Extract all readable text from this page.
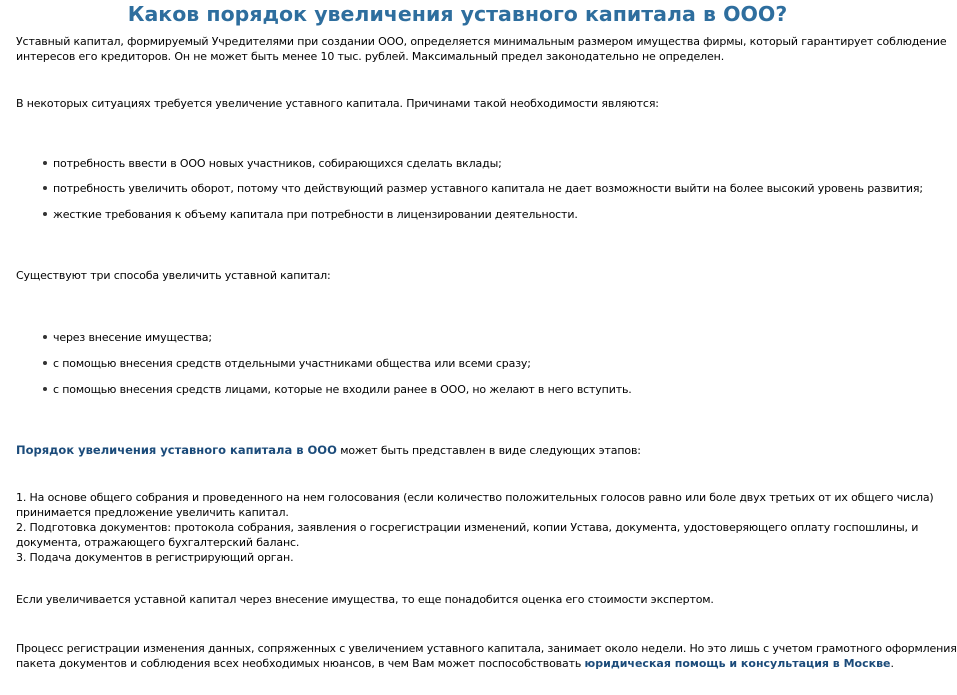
Каков порядок увеличения уставного капитала в ООО?
Уставный капитал, формируемый Учредителями при создании ООО, определяется минимальным размером имущества фирмы, который гарантирует соблюдение
интересов его кредиторов. Он не может быть менее 10 тыс. рублей. Максимальный предел законодательно не определен.
В некоторых ситуациях требуется увеличение уставного капитала. Причинами такой необходимости являются:
потребность ввести в ООО новых участников, собирающихся сделать вклады;
потребность увеличить оборот, потому что действующий размер уставного капитала не дает возможности выйти на более высокий уровень развития;
жесткие требования к объему капитала при потребности в лицензировании деятельности.
Существуют три способа увеличить уставной капитал:
через внесение имущества;
с помощью внесения средств отдельными участниками общества или всеми сразу;
с помощью внесения средств лицами, которые не входили ранее в ООО, но желают в него вступить.
Порядок увеличения уставного капитала в ООО может быть представлен в виде следующих этапов:
1. На основе общего собрания и проведенного на нем голосования (если количество положительных голосов равно или боле двух третьих от их общего числа)
принимается предложение увеличить капитал.
2. Подготовка документов: протокола собрания, заявления о госрегистрации изменений, копии Устава, документа, удостоверяющего оплату госпошлины, и
документа, отражающего бухгалтерский баланс.
3. Подача документов в регистрирующий орган.
Если увеличивается уставной капитал через внесение имущества, то еще понадобится оценка его стоимости экспертом.
Процесс регистрации изменения данных, сопряженных с увеличением уставного капитала, занимает около недели. Но это лишь с учетом грамотного оформления
пакета документов и соблюдения всех необходимых нюансов, в чем Вам может поспособствовать юридическая помощь и консультация в Москве.
